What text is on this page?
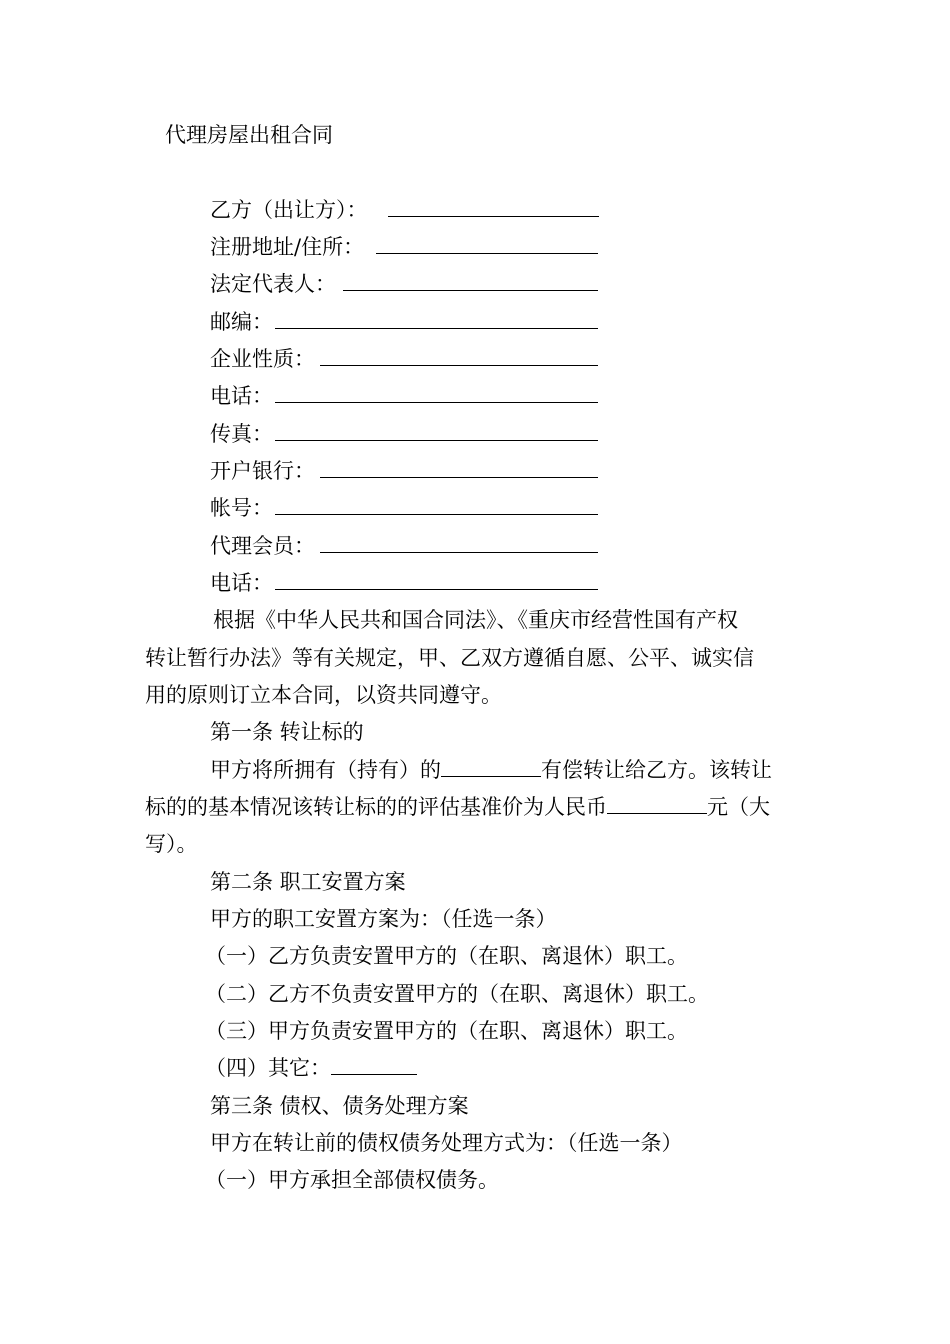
代理房屋出租合同
乙方（出让方）：
注册地址/住所：
法定代表人：
邮编：
企业性质：
电话：
传真：
开户银行：
帐号：
代理会员：
电话：
根据《中华人民共和国合同法》、《重庆市经营性国有产权
转让暂行办法》等有关规定，甲、乙双方遵循自愿、公平、诚实信
用的原则订立本合同，以资共同遵守。
第一条 转让标的
甲方将所拥有（持有）的	有偿转让给乙方。该转让
标的的基本情况该转让标的的评估基准价为人民币	元（大
写）。
第二条 职工安置方案
甲方的职工安置方案为：（任选一条）
（一）乙方负责安置甲方的（在职、离退休）职工。
（二）乙方不负责安置甲方的（在职、离退休）职工。
（三）甲方负责安置甲方的（在职、离退休）职工。
（四）其它：
第三条 债权、债务处理方案
甲方在转让前的债权债务处理方式为：（任选一条）
（一）甲方承担全部债权债务。
